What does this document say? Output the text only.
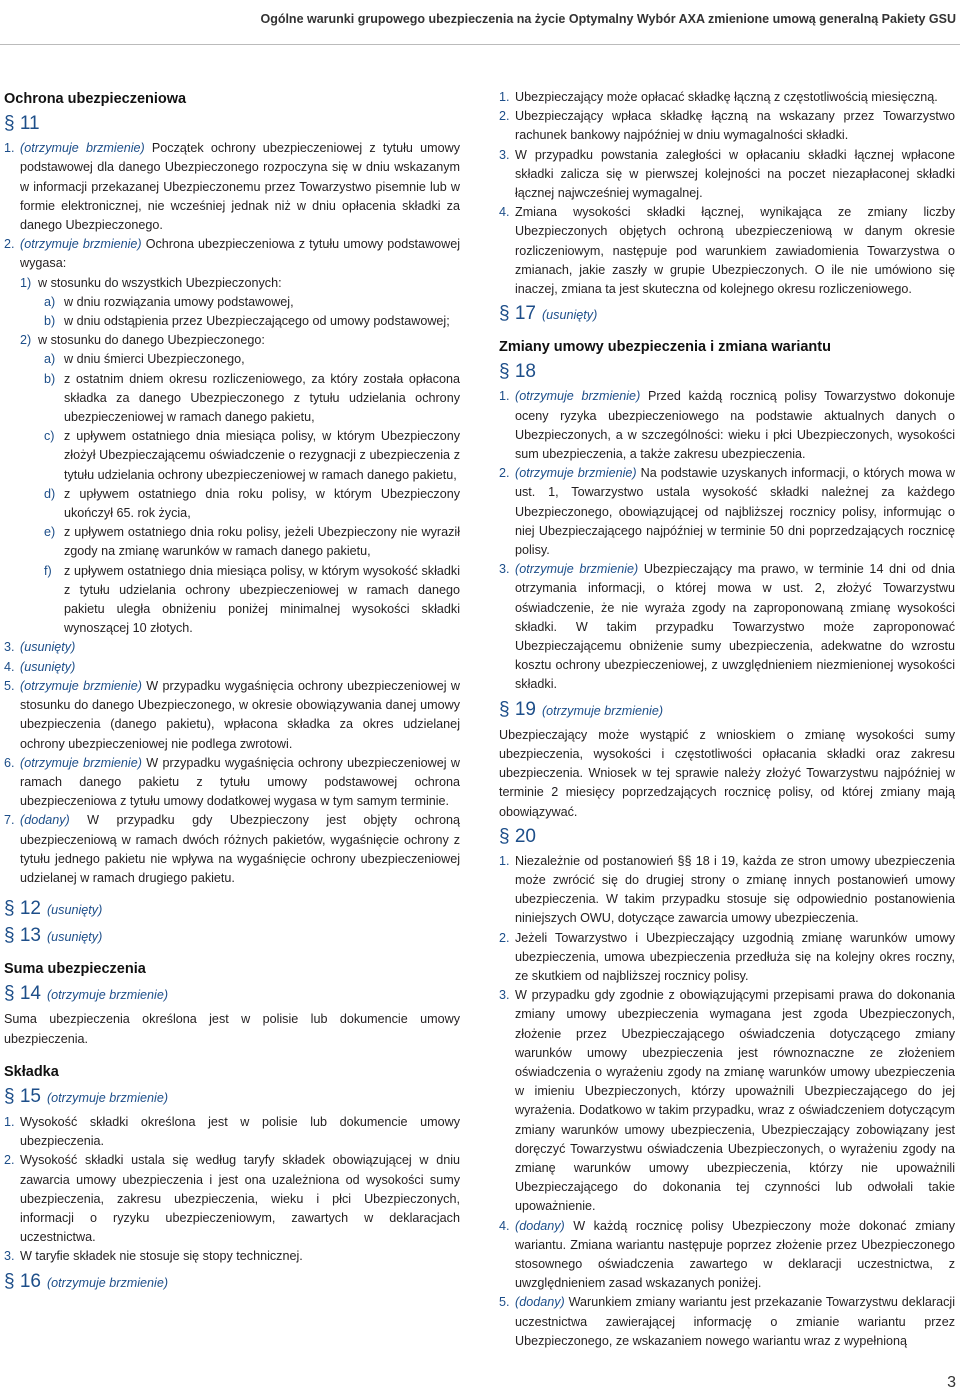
Ogólne warunki grupowego ubezpieczenia na życie Optymalny Wybór AXA zmienione umową generalną Pakiety GSU
Ochrona ubezpieczeniowa
§ 11
1. (otrzymuje brzmienie) Początek ochrony ubezpieczeniowej z tytułu umowy podstawowej dla danego Ubezpieczonego rozpoczyna się w dniu wskazanym w informacji przekazanej Ubezpieczonemu przez Towarzystwo pisemnie lub w formie elektronicznej, nie wcześniej jednak niż w dniu opłacenia składki za danego Ubezpieczonego.
2. (otrzymuje brzmienie) Ochrona ubezpieczeniowa z tytułu umowy podstawowej wygasa:
1) w stosunku do wszystkich Ubezpieczonych:
a) w dniu rozwiązania umowy podstawowej,
b) w dniu odstąpienia przez Ubezpieczającego od umowy podstawowej;
2) w stosunku do danego Ubezpieczonego:
a) w dniu śmierci Ubezpieczonego,
b) z ostatnim dniem okresu rozliczeniowego, za który została opłacona składka za danego Ubezpieczonego z tytułu udzielania ochrony ubezpieczeniowej w ramach danego pakietu,
c) z upływem ostatniego dnia miesiąca polisy, w którym Ubezpieczony złożył Ubezpieczającemu oświadczenie o rezygnacji z ubezpieczenia z tytułu udzielania ochrony ubezpieczeniowej w ramach danego pakietu,
d) z upływem ostatniego dnia roku polisy, w którym Ubezpieczony ukończył 65. rok życia,
e) z upływem ostatniego dnia roku polisy, jeżeli Ubezpieczony nie wyraził zgody na zmianę warunków w ramach danego pakietu,
f) z upływem ostatniego dnia miesiąca polisy, w którym wysokość składki z tytułu udzielania ochrony ubezpieczeniowej w ramach danego pakietu uległa obniżeniu poniżej minimalnej wysokości składki wynoszącej 10 złotych.
3. (usunięty)
4. (usunięty)
5. (otrzymuje brzmienie) W przypadku wygaśnięcia ochrony ubezpieczeniowej w stosunku do danego Ubezpieczonego, w okresie obowiązywania danej umowy ubezpieczenia (danego pakietu), wpłacona składka za okres udzielanej ochrony ubezpieczeniowej nie podlega zwrotowi.
6. (otrzymuje brzmienie) W przypadku wygaśnięcia ochrony ubezpieczeniowej w ramach danego pakietu z tytułu umowy podstawowej ochrona ubezpieczeniowa z tytułu umowy dodatkowej wygasa w tym samym terminie.
7. (dodany) W przypadku gdy Ubezpieczony jest objęty ochroną ubezpieczeniową w ramach dwóch różnych pakietów, wygaśnięcie ochrony z tytułu jednego pakietu nie wpływa na wygaśnięcie ochrony ubezpieczeniowej udzielanej w ramach drugiego pakietu.
§ 12 (usunięty)
§ 13 (usunięty)
Suma ubezpieczenia
§ 14 (otrzymuje brzmienie)
Suma ubezpieczenia określona jest w polisie lub dokumencie umowy ubezpieczenia.
Składka
§ 15 (otrzymuje brzmienie)
1. Wysokość składki określona jest w polisie lub dokumencie umowy ubezpieczenia.
2. Wysokość składki ustala się według taryfy składek obowiązującej w dniu zawarcia umowy ubezpieczenia i jest ona uzależniona od wysokości sumy ubezpieczenia, zakresu ubezpieczenia, wieku i płci Ubezpieczonych, informacji o ryzyku ubezpieczeniowym, zawartych w deklaracjach uczestnictwa.
3. W taryfie składek nie stosuje się stopy technicznej.
§ 16 (otrzymuje brzmienie)
1. Ubezpieczający może opłacać składkę łączną z częstotliwością miesięczną.
2. Ubezpieczający wpłaca składkę łączną na wskazany przez Towarzystwo rachunek bankowy najpóźniej w dniu wymagalności składki.
3. W przypadku powstania zaległości w opłacaniu składki łącznej wpłacone składki zalicza się w pierwszej kolejności na poczet niezapłaconej składki łącznej najwcześniej wymagalnej.
4. Zmiana wysokości składki łącznej, wynikająca ze zmiany liczby Ubezpieczonych objętych ochroną ubezpieczeniową w danym okresie rozliczeniowym, następuje pod warunkiem zawiadomienia Towarzystwa o zmianach, jakie zaszły w grupie Ubezpieczonych. O ile nie umówiono się inaczej, zmiana ta jest skuteczna od kolejnego okresu rozliczeniowego.
§ 17 (usunięty)
Zmiany umowy ubezpieczenia i zmiana wariantu
§ 18
1. (otrzymuje brzmienie) Przed każdą rocznicą polisy Towarzystwo dokonuje oceny ryzyka ubezpieczeniowego na podstawie aktualnych danych o Ubezpieczonych, a w szczególności: wieku i płci Ubezpieczonych, wysokości sum ubezpieczenia, a także zakresu ubezpieczenia.
2. (otrzymuje brzmienie) Na podstawie uzyskanych informacji, o których mowa w ust. 1, Towarzystwo ustala wysokość składki należnej za każdego Ubezpieczonego, obowiązującej od najbliższej rocznicy polisy, informując o niej Ubezpieczającego najpóźniej w terminie 50 dni poprzedzających rocznicę polisy.
3. (otrzymuje brzmienie) Ubezpieczający ma prawo, w terminie 14 dni od dnia otrzymania informacji, o której mowa w ust. 2, złożyć Towarzystwu oświadczenie, że nie wyraża zgody na zaproponowaną zmianę wysokości składki. W takim przypadku Towarzystwo może zaproponować Ubezpieczającemu obniżenie sumy ubezpieczenia, adekwatne do wzrostu kosztu ochrony ubezpieczeniowej, z uwzględnieniem niezmienionej wysokości składki.
§ 19 (otrzymuje brzmienie)
Ubezpieczający może wystąpić z wnioskiem o zmianę wysokości sumy ubezpieczenia, wysokości i częstotliwości opłacania składki oraz zakresu ubezpieczenia. Wniosek w tej sprawie należy złożyć Towarzystwu najpóźniej w terminie 2 miesięcy poprzedzających rocznicę polisy, od której zmiany mają obowiązywać.
§ 20
1. Niezależnie od postanowień §§ 18 i 19, każda ze stron umowy ubezpieczenia może zwrócić się do drugiej strony o zmianę innych postanowień umowy ubezpieczenia. W takim przypadku stosuje się odpowiednio postanowienia niniejszych OWU, dotyczące zawarcia umowy ubezpieczenia.
2. Jeżeli Towarzystwo i Ubezpieczający uzgodnią zmianę warunków umowy ubezpieczenia, umowa ubezpieczenia przedłuża się na kolejny okres roczny, ze skutkiem od najbliższej rocznicy polisy.
3. W przypadku gdy zgodnie z obowiązującymi przepisami prawa do dokonania zmiany umowy ubezpieczenia wymagana jest zgoda Ubezpieczonych, złożenie przez Ubezpieczającego oświadczenia dotyczącego zmiany warunków umowy ubezpieczenia jest równoznaczne ze złożeniem oświadczenia o wyrażeniu zgody na zmianę warunków umowy ubezpieczenia w imieniu Ubezpieczonych, którzy upoważnili Ubezpieczającego do jej wyrażenia. Dodatkowo w takim przypadku, wraz z oświadczeniem dotyczącym zmiany warunków umowy ubezpieczenia, Ubezpieczający zobowiązany jest doręczyć Towarzystwu oświadczenia Ubezpieczonych, o wyrażeniu zgody na zmianę warunków umowy ubezpieczenia, którzy nie upoważnili Ubezpieczającego do dokonania tej czynności lub odwołali takie upoważnienie.
4. (dodany) W każdą rocznicę polisy Ubezpieczony może dokonać zmiany wariantu. Zmiana wariantu następuje poprzez złożenie przez Ubezpieczonego stosownego oświadczenia zawartego w deklaracji uczestnictwa, z uwzględnieniem zasad wskazanych poniżej.
5. (dodany) Warunkiem zmiany wariantu jest przekazanie Towarzystwu deklaracji uczestnictwa zawierającej informację o zmianie wariantu przez Ubezpieczonego, ze wskazaniem nowego wariantu wraz z wypełnioną
3
